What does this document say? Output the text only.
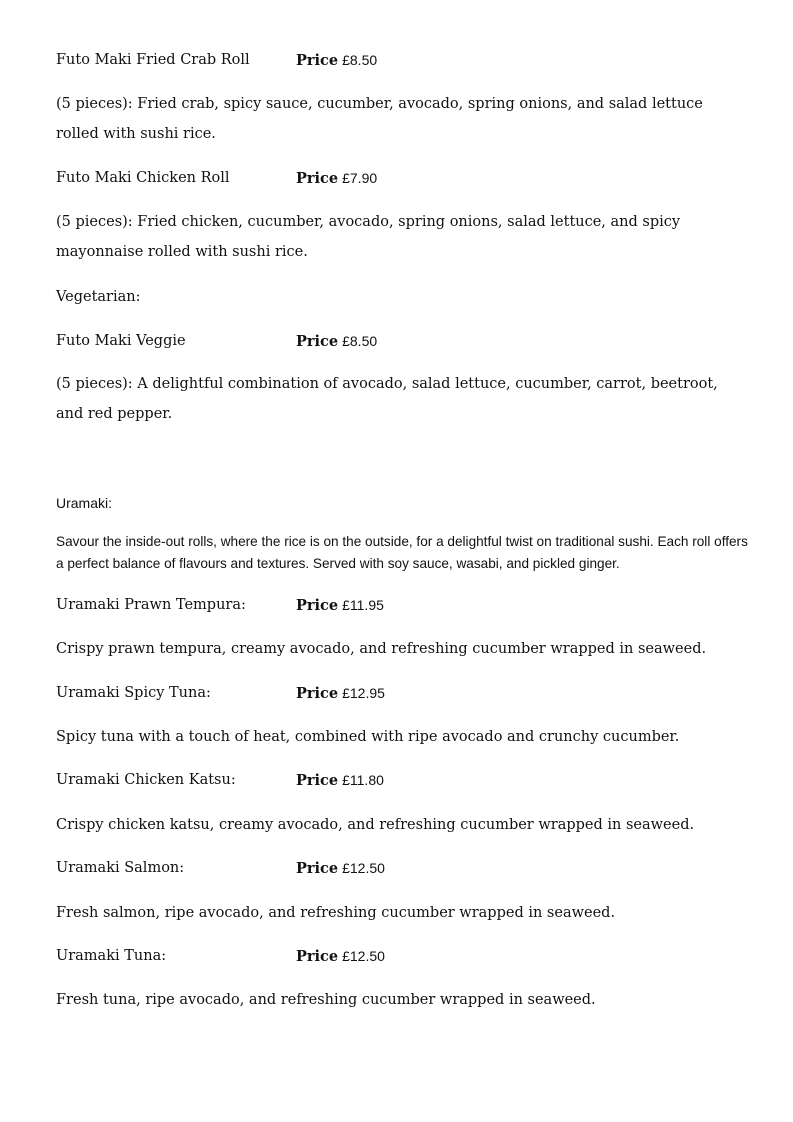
Futo Maki Fried Crab Roll	Price £8.50
(5 pieces): Fried crab, spicy sauce, cucumber, avocado, spring onions, and salad lettuce rolled with sushi rice.
Futo Maki Chicken Roll	Price £7.90
(5 pieces): Fried chicken, cucumber, avocado, spring onions, salad lettuce, and spicy mayonnaise rolled with sushi rice.
Vegetarian:
Futo Maki Veggie	Price £8.50
(5 pieces): A delightful combination of avocado, salad lettuce, cucumber, carrot, beetroot, and red pepper.
Uramaki:
Savour the inside-out rolls, where the rice is on the outside, for a delightful twist on traditional sushi. Each roll offers a perfect balance of flavours and textures. Served with soy sauce, wasabi, and pickled ginger.
Uramaki Prawn Tempura:	Price £11.95
Crispy prawn tempura, creamy avocado, and refreshing cucumber wrapped in seaweed.
Uramaki Spicy Tuna:	Price £12.95
Spicy tuna with a touch of heat, combined with ripe avocado and crunchy cucumber.
Uramaki Chicken Katsu:	Price £11.80
Crispy chicken katsu, creamy avocado, and refreshing cucumber wrapped in seaweed.
Uramaki Salmon:	Price £12.50
Fresh salmon, ripe avocado, and refreshing cucumber wrapped in seaweed.
Uramaki Tuna:	Price £12.50
Fresh tuna, ripe avocado, and refreshing cucumber wrapped in seaweed.
